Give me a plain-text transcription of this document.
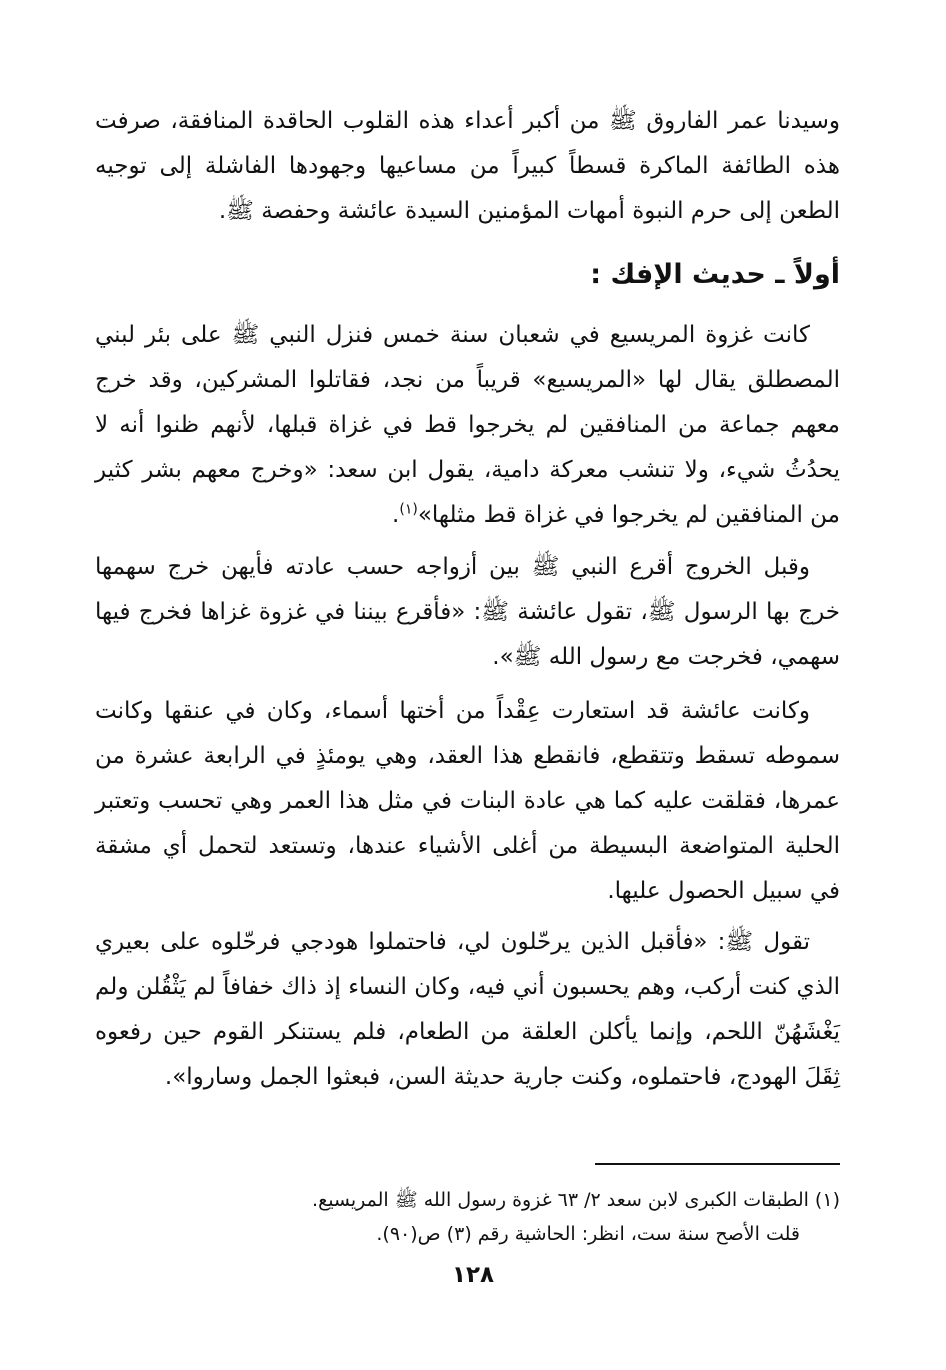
وسيدنا عمر الفاروق ﷺ من أكبر أعداء هذه القلوب الحاقدة المنافقة، صرفت هذه الطائفة الماكرة قسطاً كبيراً من مساعيها وجهودها الفاشلة إلى توجيه الطعن إلى حرم النبوة أمهات المؤمنين السيدة عائشة وحفصة ﷺ.
أولاً ـ حديث الإفك :
كانت غزوة المريسيع في شعبان سنة خمس فنزل النبي ﷺ على بئر لبني المصطلق يقال لها «المريسيع» قريباً من نجد، فقاتلوا المشركين، وقد خرج معهم جماعة من المنافقين لم يخرجوا قط في غزاة قبلها، لأنهم ظنوا أنه لا يحدُثُ شيء، ولا تنشب معركة دامية، يقول ابن سعد: «وخرج معهم بشر كثير من المنافقين لم يخرجوا في غزاة قط مثلها»$^{(١)}$.
وقبل الخروج أقرع النبي ﷺ بين أزواجه حسب عادته فأيهن خرج سهمها خرج بها الرسول ﷺ، تقول عائشة ﷺ: «فأقرع بيننا في غزوة غزاها فخرج فيها سهمي، فخرجت مع رسول الله ﷺ».
وكانت عائشة قد استعارت عِقْداً من أختها أسماء، وكان في عنقها وكانت سموطه تسقط وتتقطع، فانقطع هذا العقد، وهي يومئذٍ في الرابعة عشرة من عمرها، فقلقت عليه كما هي عادة البنات في مثل هذا العمر وهي تحسب وتعتبر الحلية المتواضعة البسيطة من أغلى الأشياء عندها، وتستعد لتحمل أي مشقة في سبيل الحصول عليها.
تقول ﷺ: «فأقبل الذين يرحّلون لي، فاحتملوا هودجي فرحّلوه على بعيري الذي كنت أركب، وهم يحسبون أني فيه، وكان النساء إذ ذاك خفافاً لم يَثْقُلن ولم يَغْشَهُنّ اللحم، وإنما يأكلن العلقة من الطعام، فلم يستنكر القوم حين رفعوه ثِقَلَ الهودج، فاحتملوه، وكنت جارية حديثة السن، فبعثوا الجمل وساروا».
(١) الطبقات الكبرى لابن سعد ٢/ ٦٣ غزوة رسول الله ﷺ المريسيع.
قلت الأصح سنة ست، انظر: الحاشية رقم (٣) ص(٩٠).
١٢٨
